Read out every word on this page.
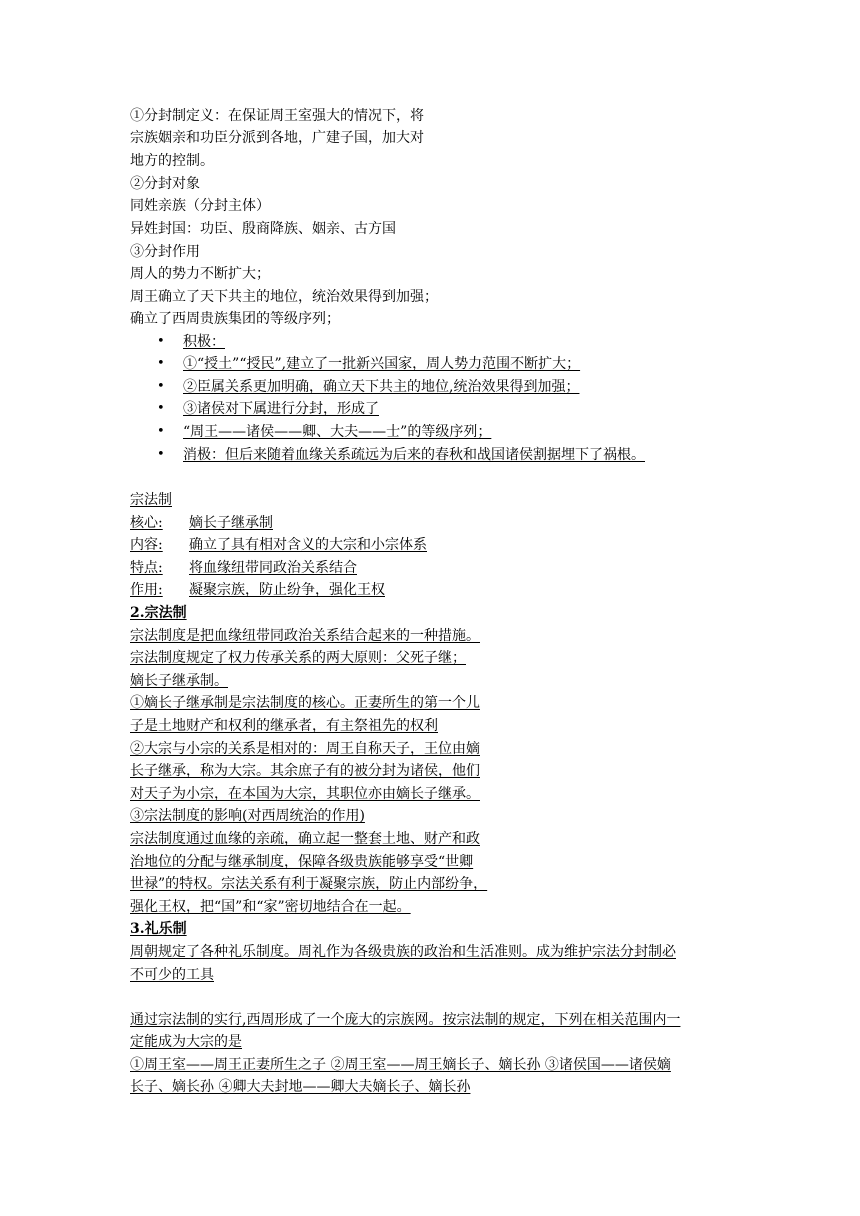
①分封制定义：在保证周王室强大的情况下，将
宗族姻亲和功臣分派到各地，广建子国，加大对
地方的控制。
②分封对象
同姓亲族（分封主体）
异姓封国：功臣、殷商降族、姻亲、古方国
③分封作用
周人的势力不断扩大；
周王确立了天下共主的地位，统治效果得到加强；
确立了西周贵族集团的等级序列；
• 积极：
• ①“授土”“授民”,建立了一批新兴国家，周人势力范围不断扩大；
• ②臣属关系更加明确，确立天下共主的地位,统治效果得到加强；
• ③诸侯对下属进行分封，形成了
• “周王——诸侯——卿、大夫——士”的等级序列；
• 消极：但后来随着血缘关系疏远为后来的春秋和战国诸侯割据埋下了祸根。
宗法制
核心: 嫡长子继承制
内容: 确立了具有相对含义的大宗和小宗体系
特点: 将血缘纽带同政治关系结合
作用: 凝聚宗族，防止纷争，强化王权
2.宗法制
宗法制度是把血缘纽带同政治关系结合起来的一种措施。
宗法制度规定了权力传承关系的两大原则：父死子继；
嫡长子继承制。
①嫡长子继承制是宗法制度的核心。正妻所生的第一个儿
子是土地财产和权利的继承者，有主祭祖先的权利
②大宗与小宗的关系是相对的：周王自称天子，王位由嫡
长子继承，称为大宗。其余庶子有的被分封为诸侯，他们
对天子为小宗，在本国为大宗，其职位亦由嫡长子继承。
③宗法制度的影响(对西周统治的作用)
宗法制度通过血缘的亲疏，确立起一整套土地、财产和政
治地位的分配与继承制度，保障各级贵族能够享受“世卿
世禄”的特权。宗法关系有利于凝聚宗族，防止内部纷争，
强化王权，把“国”和“家”密切地结合在一起。
3.礼乐制
周朝规定了各种礼乐制度。周礼作为各级贵族的政治和生活准则。成为维护宗法分封制必
不可少的工具
通过宗法制的实行,西周形成了一个庞大的宗族网。按宗法制的规定，下列在相关范围内一
定能成为大宗的是
①周王室——周王正妻所生之子 ②周王室——周王嫡长子、嫡长孙 ③诸侯国——诸侯嫡
长子、嫡长孙 ④卿大夫封地——卿大夫嫡长子、嫡长孙
